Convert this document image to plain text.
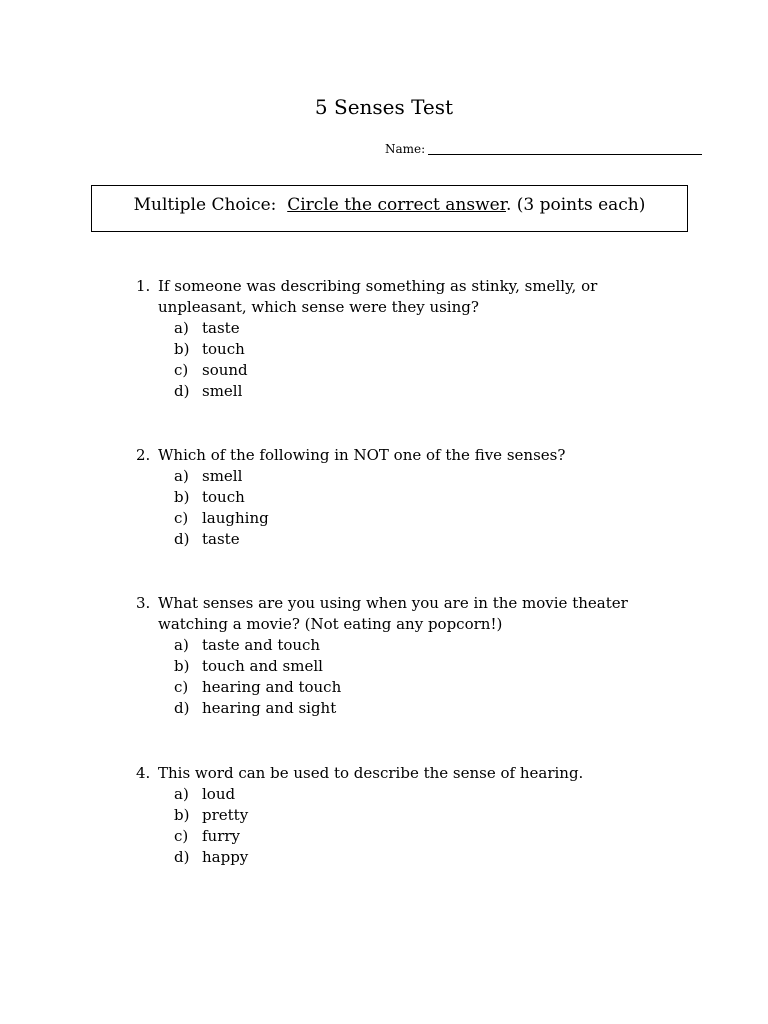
5 Senses Test
Name:
Multiple Choice: Circle the correct answer. (3 points each)
1. If someone was describing something as stinky, smelly, or
unpleasant, which sense were they using?
a) taste
b) touch
c) sound
d) smell
2. Which of the following in NOT one of the five senses?
a) smell
b) touch
c) laughing
d) taste
3. What senses are you using when you are in the movie theater
watching a movie? (Not eating any popcorn!)
a) taste and touch
b) touch and smell
c) hearing and touch
d) hearing and sight
4. This word can be used to describe the sense of hearing.
a) loud
b) pretty
c) furry
d) happy
